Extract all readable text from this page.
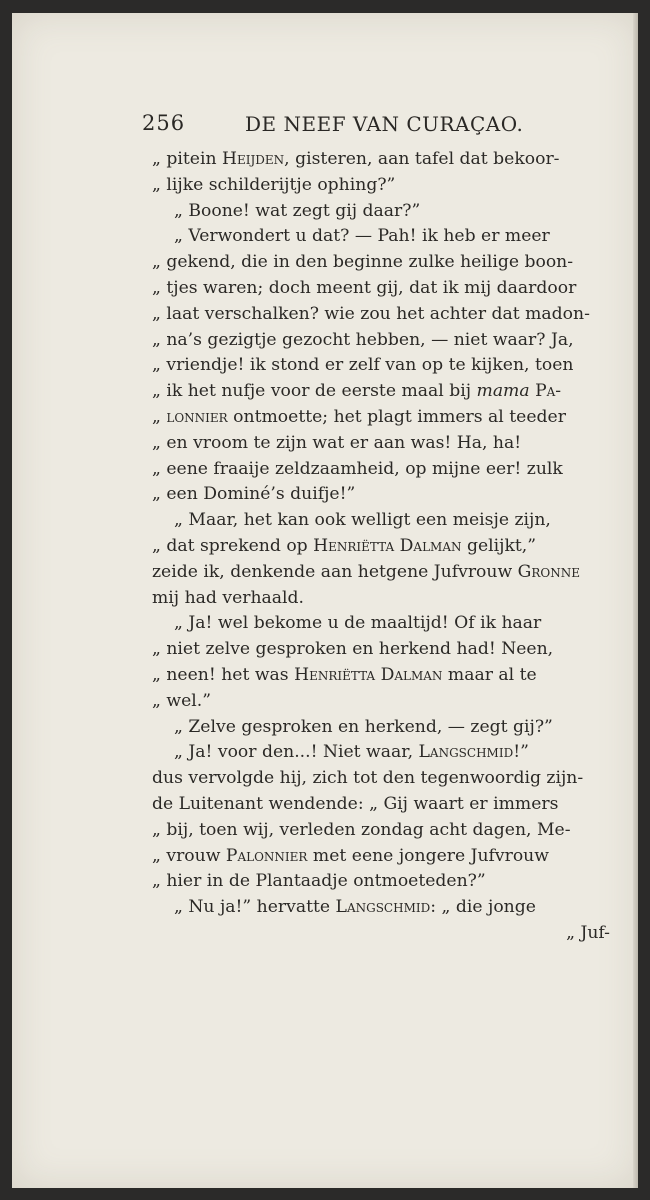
256	DE NEEF VAN CURAÇAO.
„ pitein Heijden, gisteren, aan tafel dat bekoor-
„ lijke schilderijtje ophing?”
„ Boone! wat zegt gij daar?”
„ Verwondert u dat? — Pah! ik heb er meer
„ gekend, die in den beginne zulke heilige boon-
„ tjes waren; doch meent gij, dat ik mij daardoor
„ laat verschalken? wie zou het achter dat madon-
„ na’s gezigtje gezocht hebben, — niet waar? Ja,
„ vriendje! ik stond er zelf van op te kijken, toen
„ ik het nufje voor de eerste maal bij mama Pa-
„ lonnier ontmoette; het plagt immers al teeder
„ en vroom te zijn wat er aan was! Ha, ha!
„ eene fraaije zeldzaamheid, op mijne eer! zulk
„ een Dominé’s duifje!”
„ Maar, het kan ook welligt een meisje zijn,
„ dat sprekend op Henriëtta Dalman gelijkt,”
zeide ik, denkende aan hetgene Jufvrouw Gronne
mij had verhaald.
„ Ja! wel bekome u de maaltijd! Of ik haar
„ niet zelve gesproken en herkend had! Neen,
„ neen! het was Henriëtta Dalman maar al te
„ wel.”
„ Zelve gesproken en herkend, — zegt gij?”
„ Ja! voor den...! Niet waar, Langschmid!”
dus vervolgde hij, zich tot den tegenwoordig zijn-
de Luitenant wendende: „ Gij waart er immers
„ bij, toen wij, verleden zondag acht dagen, Me-
„ vrouw Palonnier met eene jongere Jufvrouw
„ hier in de Plantaadje ontmoeteden?”
„ Nu ja!” hervatte Langschmid: „ die jonge
„ Juf-
